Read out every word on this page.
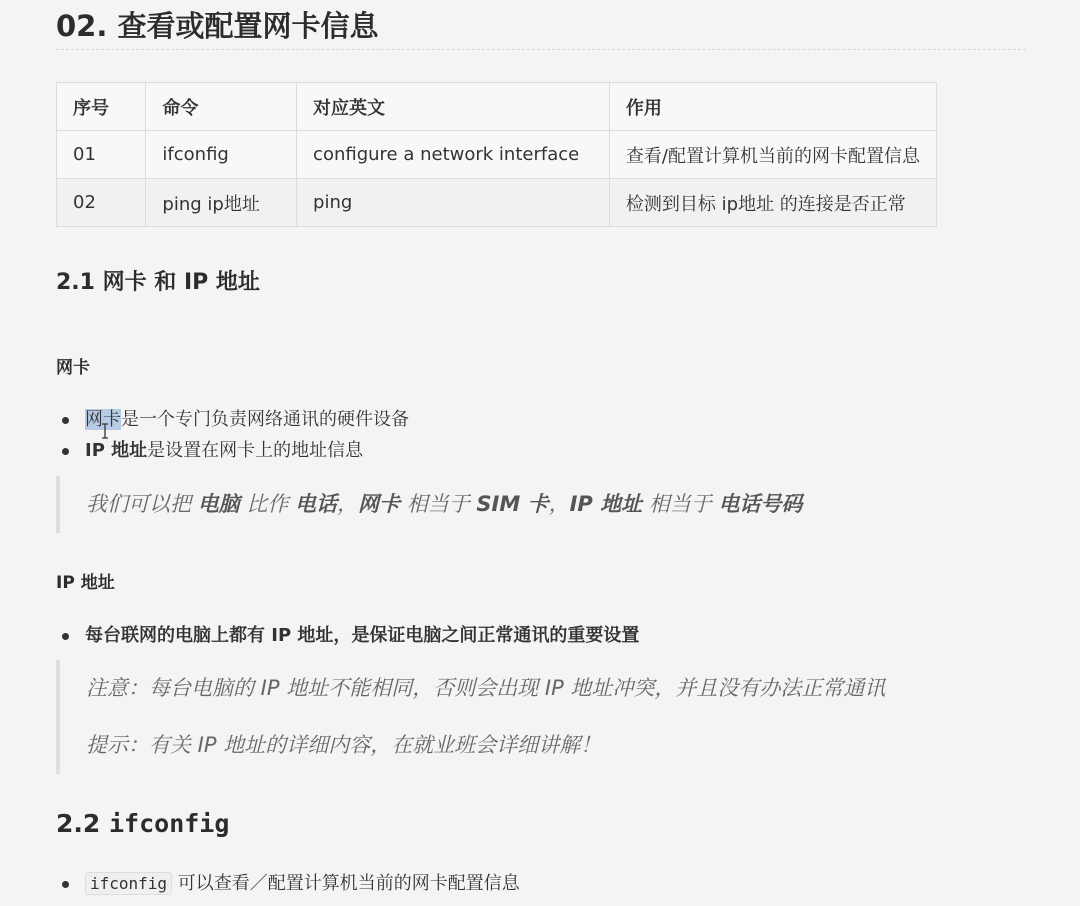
02. 查看或配置网卡信息
序号	命令	对应英文	作用
01	ifconfig	configure a network interface	查看/配置计算机当前的网卡配置信息
02	ping ip地址	ping	检测到目标 ip地址 的连接是否正常
2.1 网卡 和 IP 地址
网卡
网卡是一个专门负责网络通讯的硬件设备
IP 地址是设置在网卡上的地址信息
我们可以把 电脑 比作 电话，网卡 相当于 SIM 卡，IP 地址 相当于 电话号码
IP 地址
每台联网的电脑上都有 IP 地址，是保证电脑之间正常通讯的重要设置
注意：每台电脑的 IP 地址不能相同，否则会出现 IP 地址冲突，并且没有办法正常通讯
提示：有关 IP 地址的详细内容，在就业班会详细讲解！
2.2 ifconfig
ifconfig 可以查看／配置计算机当前的网卡配置信息
